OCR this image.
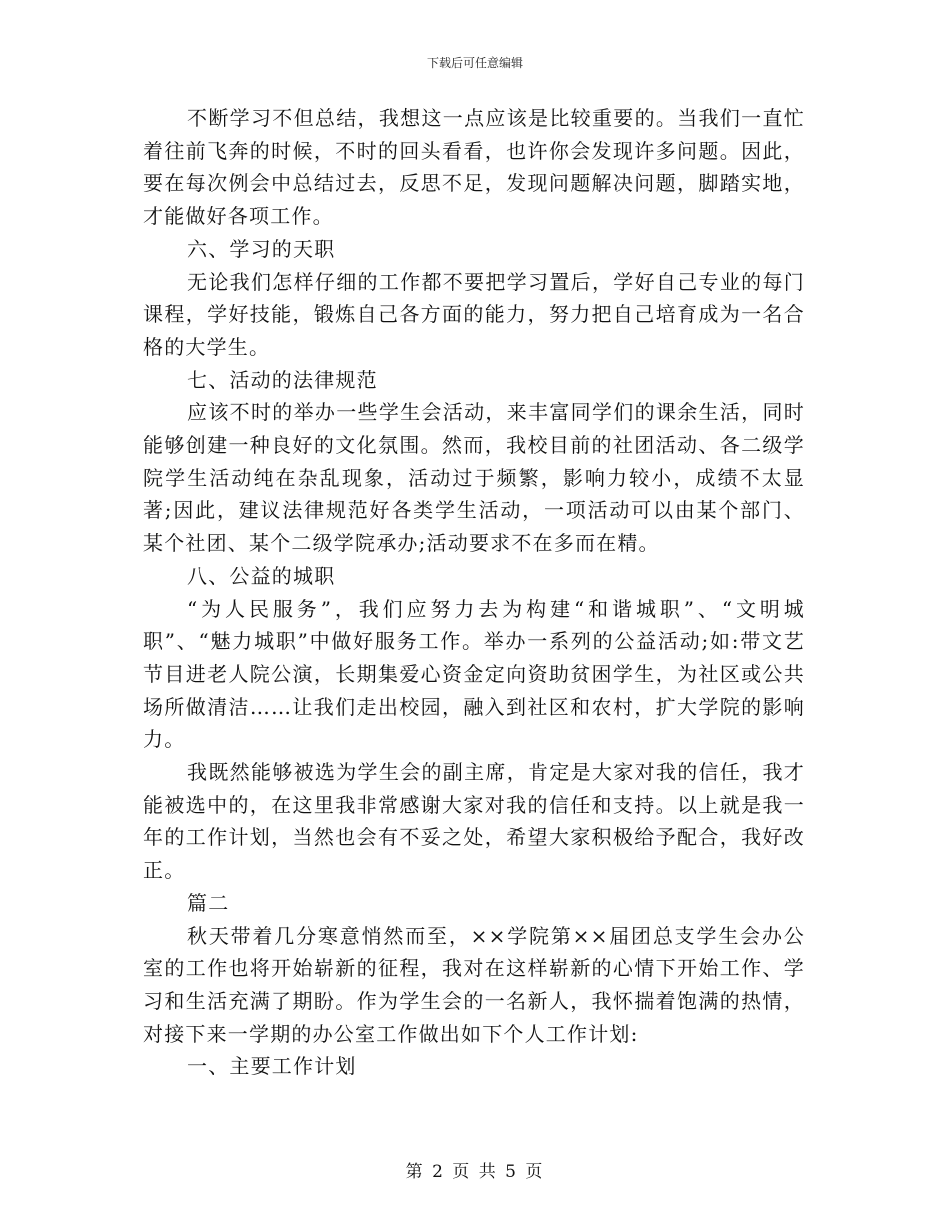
下载后可任意编辑

不断学习不但总结，我想这一点应该是比较重要的。当我们一直忙着往前飞奔的时候，不时的回头看看，也许你会发现许多问题。因此，要在每次例会中总结过去，反思不足，发现问题解决问题，脚踏实地，才能做好各项工作。

六、学习的天职

无论我们怎样仔细的工作都不要把学习置后，学好自己专业的每门课程，学好技能，锻炼自己各方面的能力，努力把自己培育成为一名合格的大学生。

七、活动的法律规范

应该不时的举办一些学生会活动，来丰富同学们的课余生活，同时能够创建一种良好的文化氛围。然而，我校目前的社团活动、各二级学院学生活动纯在杂乱现象，活动过于频繁，影响力较小，成绩不太显著;因此，建议法律规范好各类学生活动，一项活动可以由某个部门、某个社团、某个二级学院承办;活动要求不在多而在精。

八、公益的城职

“为人民服务”，我们应努力去为构建“和谐城职”、“文明城职”、“魅力城职”中做好服务工作。举办一系列的公益活动;如:带文艺节目进老人院公演，长期集爱心资金定向资助贫困学生，为社区或公共场所做清洁……让我们走出校园，融入到社区和农村，扩大学院的影响力。

我既然能够被选为学生会的副主席，肯定是大家对我的信任，我才能被选中的，在这里我非常感谢大家对我的信任和支持。以上就是我一年的工作计划，当然也会有不妥之处，希望大家积极给予配合，我好改正。

篇二

秋天带着几分寒意悄然而至，××学院第××届团总支学生会办公室的工作也将开始崭新的征程，我对在这样崭新的心情下开始工作、学习和生活充满了期盼。作为学生会的一名新人，我怀揣着饱满的热情，对接下来一学期的办公室工作做出如下个人工作计划:

一、主要工作计划

第 2 页 共 5 页
